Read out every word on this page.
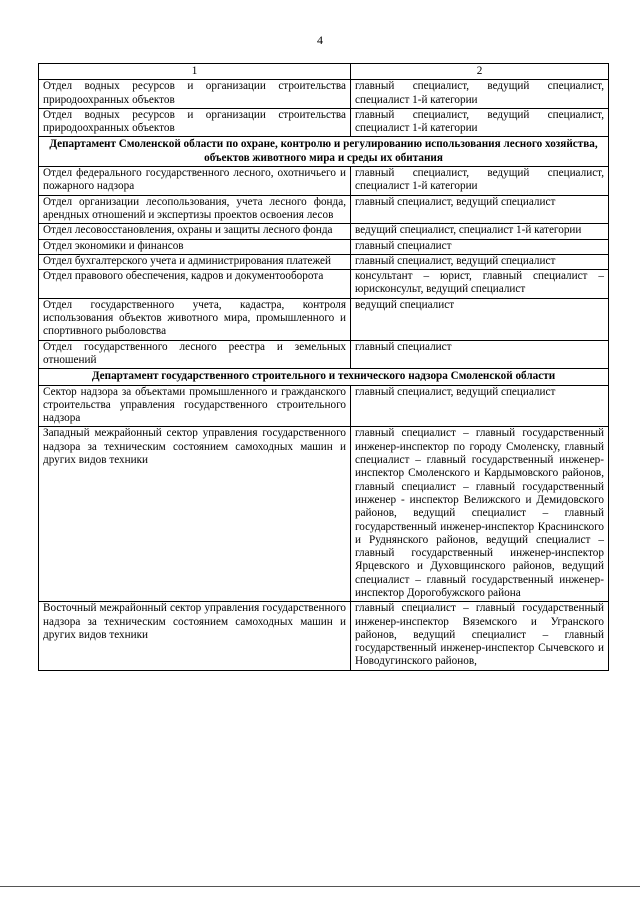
4
1	2
Отдел водных ресурсов и организации строительства природоохранных объектов	главный специалист, ведущий специалист, специалист 1-й категории
Отдел водных ресурсов и организации строительства природоохранных объектов	главный специалист, ведущий специалист, специалист 1-й категории
Департамент Смоленской области по охране, контролю и регулированию использования лесного хозяйства, объектов животного мира и среды их обитания	
Отдел федерального государственного лесного, охотничьего и пожарного надзора	главный специалист, ведущий специалист, специалист 1-й категории
Отдел организации лесопользования, учета лесного фонда, арендных отношений и экспертизы проектов освоения лесов	главный специалист, ведущий специалист
Отдел лесовосстановления, охраны и защиты лесного фонда	ведущий специалист, специалист 1-й категории
Отдел экономики и финансов	главный специалист
Отдел бухгалтерского учета и администрирования платежей	главный специалист, ведущий специалист
Отдел правового обеспечения, кадров и документооборота	консультант – юрист, главный специалист – юрисконсульт, ведущий специалист
Отдел государственного учета, кадастра, контроля использования объектов животного мира, промышленного и спортивного рыболовства	ведущий специалист
Отдел государственного лесного реестра и земельных отношений	главный специалист
Департамент государственного строительного и технического надзора Смоленской области	
Сектор надзора за объектами промышленного и гражданского строительства управления государственного строительного надзора	главный специалист, ведущий специалист
Западный межрайонный сектор управления государственного надзора за техническим состоянием самоходных машин и других видов техники	главный специалист – главный государственный инженер-инспектор по городу Смоленску, главный специалист – главный государственный инженер-инспектор Смоленского и Кардымовского районов, главный специалист – главный государственный инженер - инспектор Велижского и Демидовского районов, ведущий специалист – главный государственный инженер-инспектор Краснинского и Руднянского районов, ведущий специалист – главный государственный инженер-инспектор Ярцевского и Духовщинского районов, ведущий специалист – главный государственный инженер-инспектор Дорогобужского района
Восточный межрайонный сектор управления государственного надзора за техническим состоянием самоходных машин и других видов техники	главный специалист – главный государственный инженер-инспектор Вяземского и Угранского районов, ведущий специалист – главный государственный инженер-инспектор Сычевского и Новодугинского районов,
